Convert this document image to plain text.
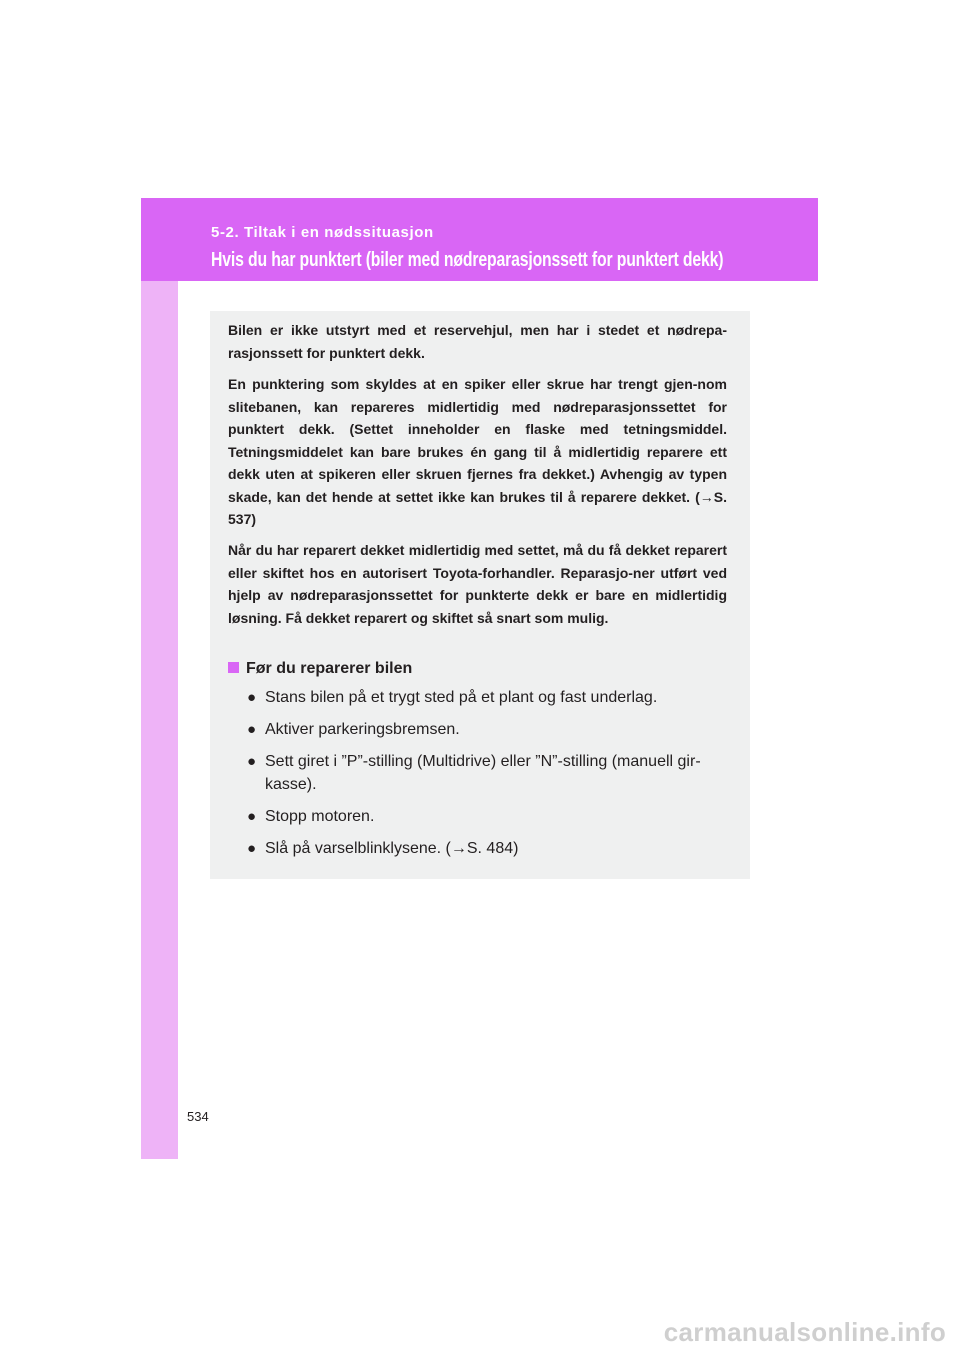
5-2. Tiltak i en nødssituasjon
Hvis du har punktert (biler med nødreparasjonssett for punktert dekk)
Bilen er ikke utstyrt med et reservehjul, men har i stedet et nødrepa-rasjonssett for punktert dekk.
En punktering som skyldes at en spiker eller skrue har trengt gjen-nom slitebanen, kan repareres midlertidig med nødreparasjonssettet for punktert dekk. (Settet inneholder en flaske med tetningsmiddel. Tetningsmiddelet kan bare brukes én gang til å midlertidig reparere ett dekk uten at spikeren eller skruen fjernes fra dekket.) Avhengig av typen skade, kan det hende at settet ikke kan brukes til å reparere dekket. (→S. 537)
Når du har reparert dekket midlertidig med settet, må du få dekket reparert eller skiftet hos en autorisert Toyota-forhandler. Reparasjo-ner utført ved hjelp av nødreparasjonssettet for punkterte dekk er bare en midlertidig løsning. Få dekket reparert og skiftet så snart som mulig.
Før du reparerer bilen
● Stans bilen på et trygt sted på et plant og fast underlag.
● Aktiver parkeringsbremsen.
● Sett giret i ”P”-stilling (Multidrive) eller ”N”-stilling (manuell gir-kasse).
● Stopp motoren.
● Slå på varselblinklysene. (→S. 484)
534
carmanualsonline.info
